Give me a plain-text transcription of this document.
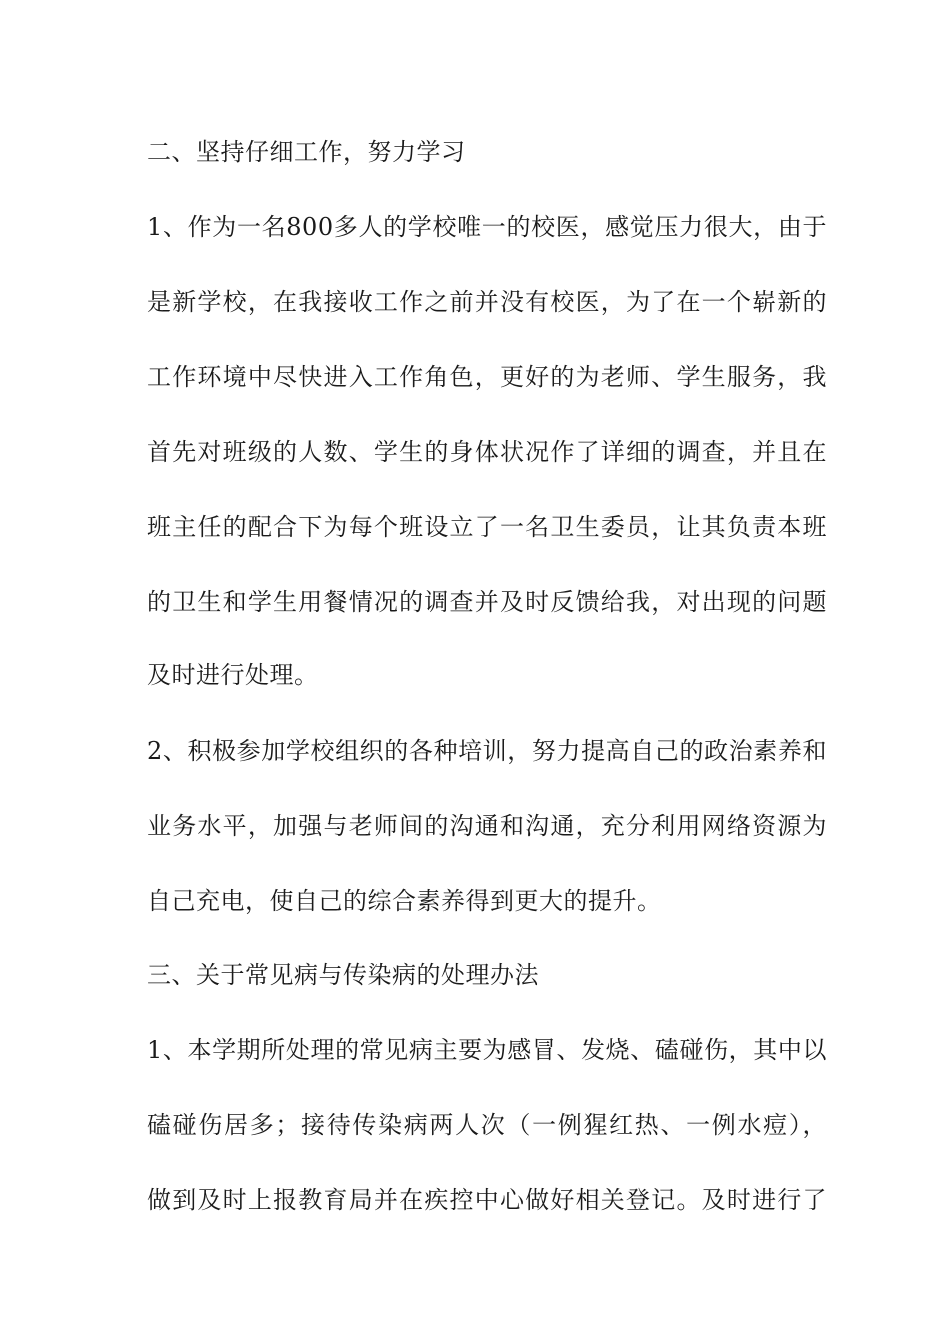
二、坚持仔细工作，努力学习
1、作为一名800多人的学校唯一的校医，感觉压力很大，由于
是新学校，在我接收工作之前并没有校医，为了在一个崭新的
工作环境中尽快进入工作角色，更好的为老师、学生服务，我
首先对班级的人数、学生的身体状况作了详细的调查，并且在
班主任的配合下为每个班设立了一名卫生委员，让其负责本班
的卫生和学生用餐情况的调查并及时反馈给我，对出现的问题
及时进行处理。
2、积极参加学校组织的各种培训，努力提高自己的政治素养和
业务水平，加强与老师间的沟通和沟通，充分利用网络资源为
自己充电，使自己的综合素养得到更大的提升。
三、关于常见病与传染病的处理办法
1、本学期所处理的常见病主要为感冒、发烧、磕碰伤，其中以
磕碰伤居多；接待传染病两人次（一例猩红热、一例水痘），
做到及时上报教育局并在疾控中心做好相关登记。及时进行了
